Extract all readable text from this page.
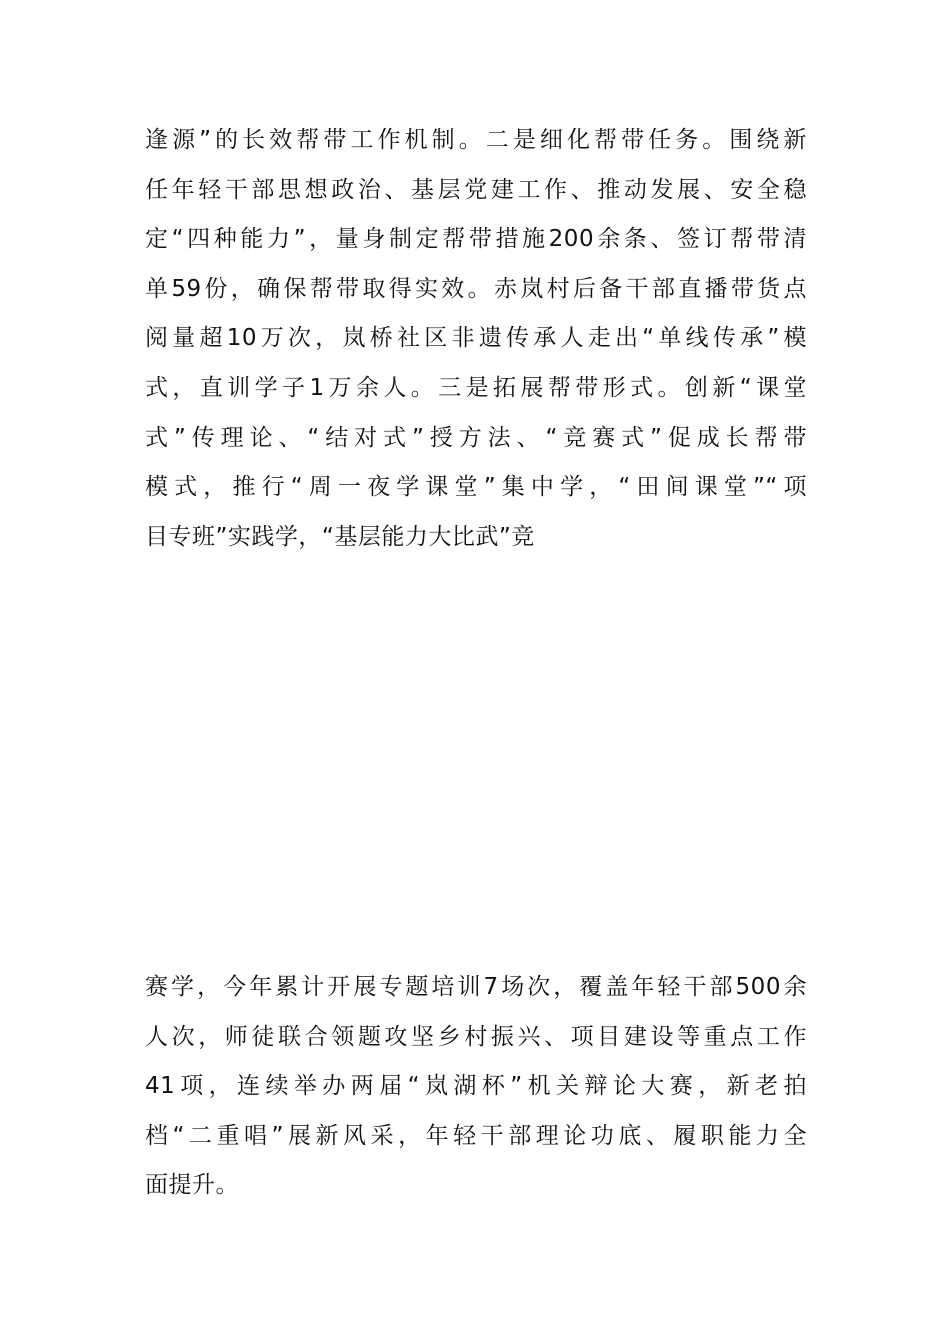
逢源”的长效帮带工作机制。二是细化帮带任务。围绕新
任年轻干部思想政治、基层党建工作、推动发展、安全稳
定“四种能力”，量身制定帮带措施200余条、签订帮带清
单59份，确保帮带取得实效。赤岚村后备干部直播带货点
阅量超10万次，岚桥社区非遗传承人走出“单线传承”模
式，直训学子1万余人。三是拓展帮带形式。创新“课堂
式”传理论、“结对式”授方法、“竞赛式”促成长帮带
模式，推行“周一夜学课堂”集中学，“田间课堂”“项
目专班”实践学，“基层能力大比武”竞
赛学，今年累计开展专题培训7场次，覆盖年轻干部500余
人次，师徒联合领题攻坚乡村振兴、项目建设等重点工作
41项，连续举办两届“岚湖杯”机关辩论大赛，新老拍
档“二重唱”展新风采，年轻干部理论功底、履职能力全
面提升。
